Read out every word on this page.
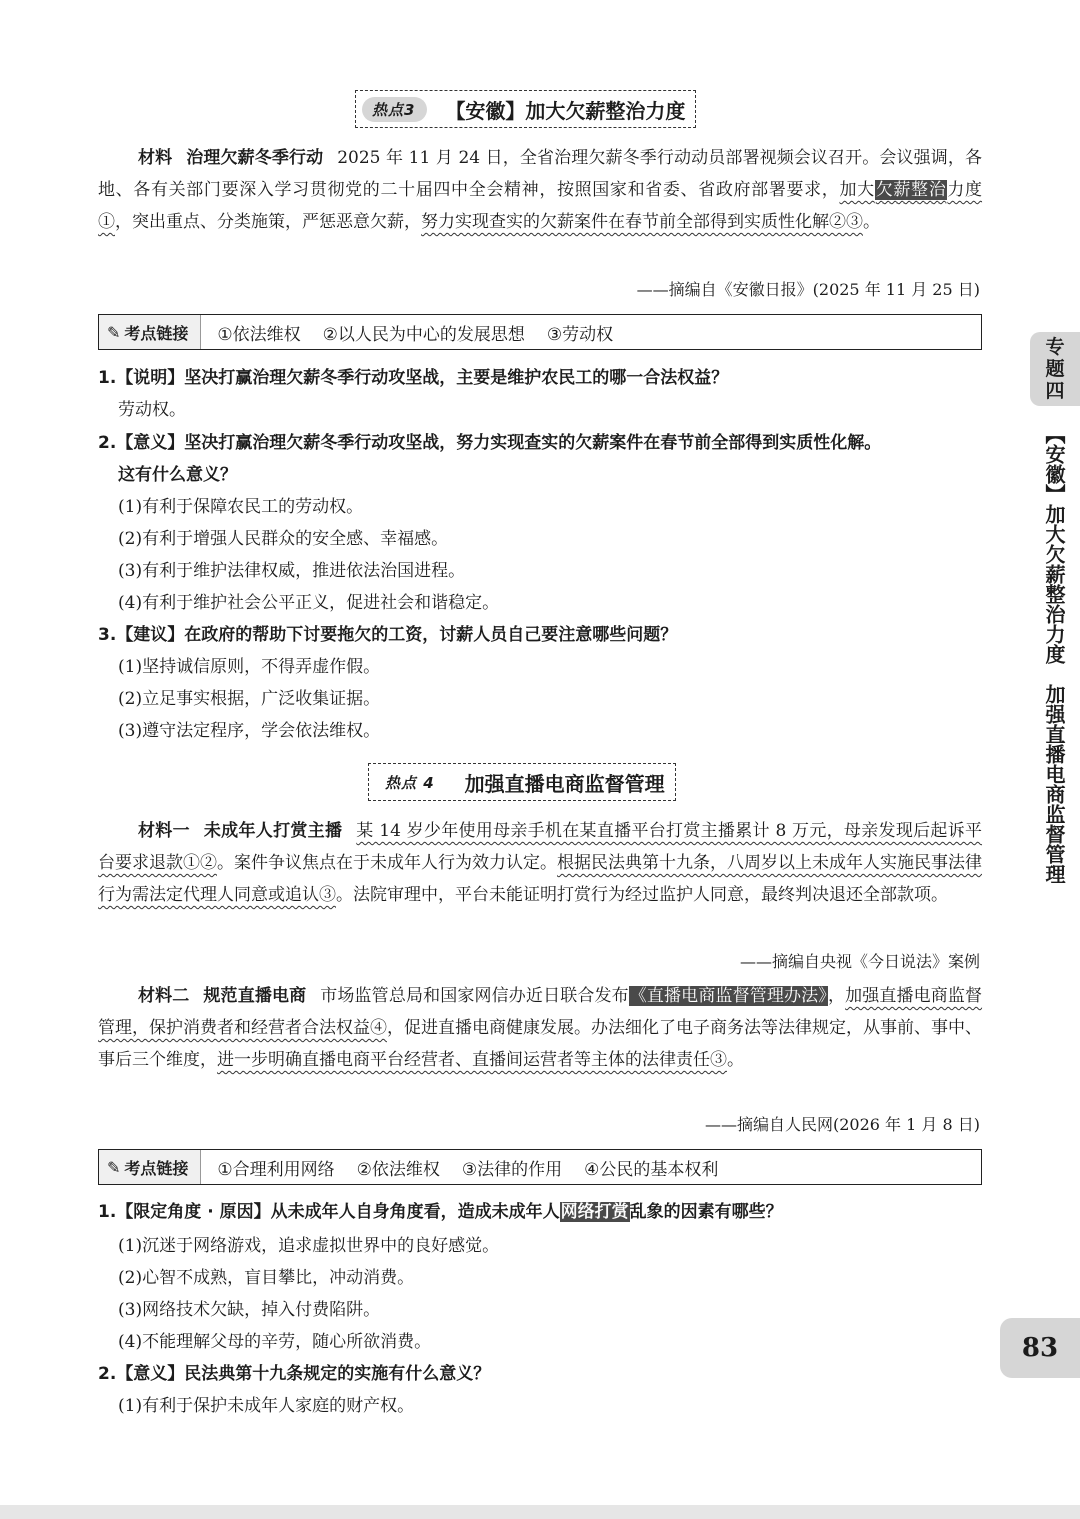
热点3	【安徽】加大欠薪整治力度
材料 治理欠薪冬季行动 2025 年 11 月 24 日，全省治理欠薪冬季行动动员部署视频会议召开。会议强调，各地、各有关部门要深入学习贯彻党的二十届四中全会精神，按照国家和省委、省政府部署要求，加大欠薪整治力度①，突出重点、分类施策，严惩恶意欠薪，努力实现查实的欠薪案件在春节前全部得到实质性化解②③。
——摘编自《安徽日报》(2025 年 11 月 25 日)
✎ 考点链接 ①依法维权 ②以人民为中心的发展思想 ③劳动权
1.【说明】坚决打赢治理欠薪冬季行动攻坚战，主要是维护农民工的哪一合法权益？
劳动权。
2.【意义】坚决打赢治理欠薪冬季行动攻坚战，努力实现查实的欠薪案件在春节前全部得到实质性化解。
这有什么意义？
(1)有利于保障农民工的劳动权。
(2)有利于增强人民群众的安全感、幸福感。
(3)有利于维护法律权威，推进依法治国进程。
(4)有利于维护社会公平正义，促进社会和谐稳定。
3.【建议】在政府的帮助下讨要拖欠的工资，讨薪人员自己要注意哪些问题？
(1)坚持诚信原则，不得弄虚作假。
(2)立足事实根据，广泛收集证据。
(3)遵守法定程序，学会依法维权。
热点 4	加强直播电商监督管理
材料一 未成年人打赏主播 某 14 岁少年使用母亲手机在某直播平台打赏主播累计 8 万元，母亲发现后起诉平台要求退款①②。案件争议焦点在于未成年人行为效力认定。根据民法典第十九条，八周岁以上未成年人实施民事法律行为需法定代理人同意或追认③。法院审理中，平台未能证明打赏行为经过监护人同意，最终判决退还全部款项。
——摘编自央视《今日说法》案例
材料二 规范直播电商 市场监管总局和国家网信办近日联合发布《直播电商监督管理办法》，加强直播电商监督管理，保护消费者和经营者合法权益④，促进直播电商健康发展。办法细化了电子商务法等法律规定，从事前、事中、事后三个维度，进一步明确直播电商平台经营者、直播间运营者等主体的法律责任③。
——摘编自人民网(2026 年 1 月 8 日)
✎ 考点链接 ①合理利用网络 ②依法维权 ③法律的作用 ④公民的基本权利
1.【限定角度 · 原因】从未成年人自身角度看，造成未成年人网络打赏乱象的因素有哪些？
(1)沉迷于网络游戏，追求虚拟世界中的良好感觉。
(2)心智不成熟，盲目攀比，冲动消费。
(3)网络技术欠缺，掉入付费陷阱。
(4)不能理解父母的辛劳，随心所欲消费。
2.【意义】民法典第十九条规定的实施有什么意义？
(1)有利于保护未成年人家庭的财产权。
专
题
四
【安徽】加大欠薪整治力度　加强直播电商监督管理
83
